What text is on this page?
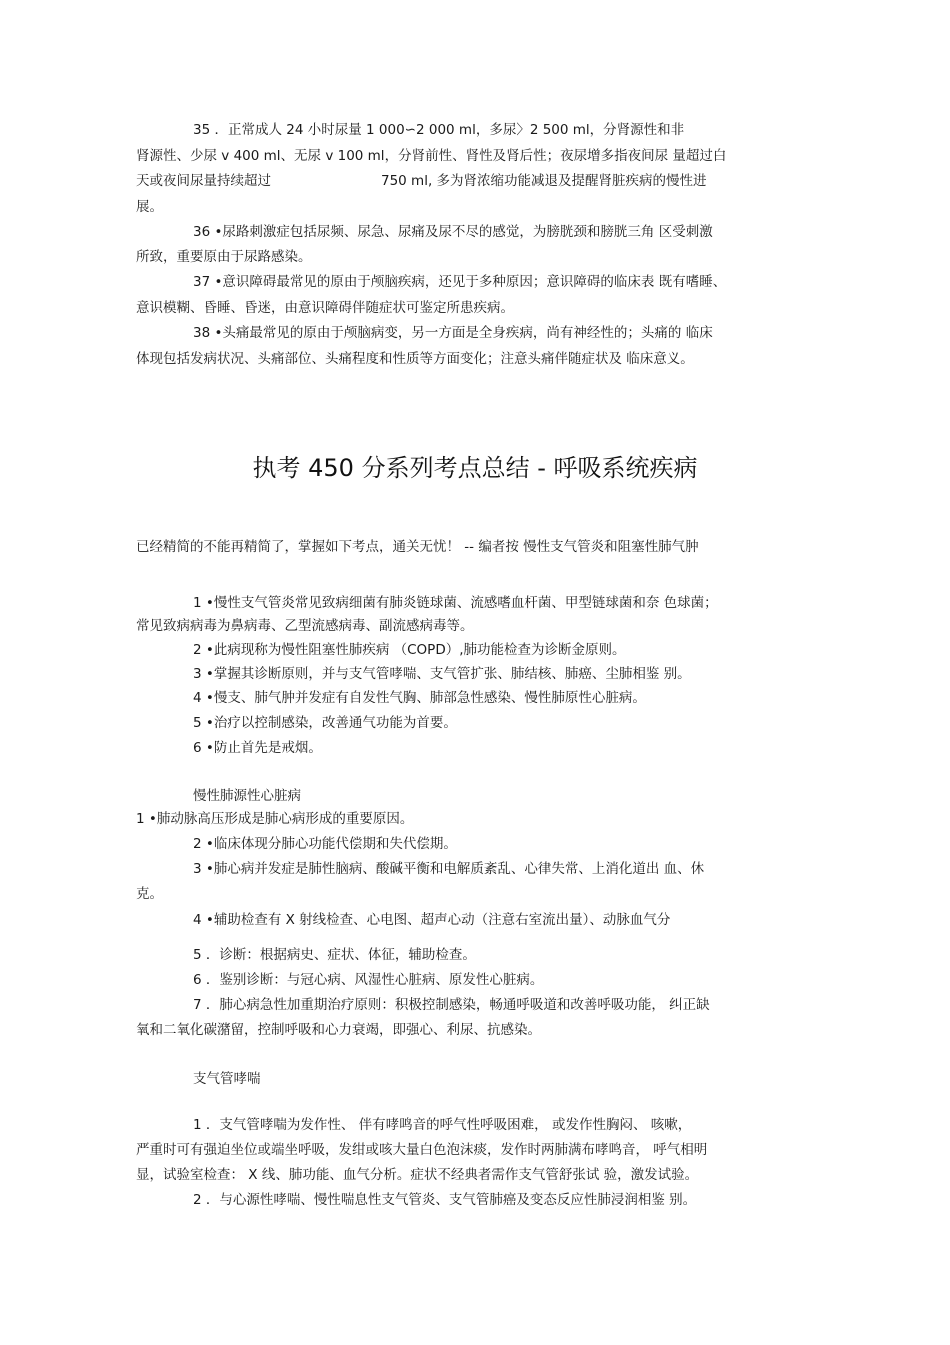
35 ．正常成人 24 小时尿量 1 000∽2 000 ml，多尿〉2 500 ml，分肾源性和非
肾源性、少尿 v 400 ml、无尿 v 100 ml，分肾前性、肾性及肾后性；夜尿增多指夜间尿 量超过白
天或夜间尿量持续超过	750 ml, 多为肾浓缩功能减退及提醒肾脏疾病的慢性进
展。
36 •尿路刺激症包括尿频、尿急、尿痛及尿不尽的感觉，为膀胱颈和膀胱三角 区受刺激
所致，重要原由于尿路感染。
37 •意识障碍最常见的原由于颅脑疾病，还见于多种原因；意识障碍的临床表 既有嗜睡、
意识模糊、昏睡、昏迷，由意识障碍伴随症状可鉴定所患疾病。
38 •头痛最常见的原由于颅脑病变，另一方面是全身疾病，尚有神经性的；头痛的 临床
体现包括发病状况、头痛部位、头痛程度和性质等方面变化；注意头痛伴随症状及 临床意义。
执考 450 分系列考点总结 - 呼吸系统疾病
已经精简的不能再精简了，掌握如下考点，通关无忧！ -- 编者按 慢性支气管炎和阻塞性肺气肿
1 •慢性支气管炎常见致病细菌有肺炎链球菌、流感嗜血杆菌、甲型链球菌和奈 色球菌；
常见致病病毒为鼻病毒、乙型流感病毒、副流感病毒等。
2 •此病现称为慢性阻塞性肺疾病 （COPD）,肺功能检查为诊断金原则。
3 •掌握其诊断原则，并与支气管哮喘、支气管扩张、肺结核、肺癌、尘肺相鉴 别。
4 •慢支、肺气肿并发症有自发性气胸、肺部急性感染、慢性肺原性心脏病。
5 •治疗以控制感染，改善通气功能为首要。
6 •防止首先是戒烟。
慢性肺源性心脏病
1 •肺动脉高压形成是肺心病形成的重要原因。
2 •临床体现分肺心功能代偿期和失代偿期。
3 •肺心病并发症是肺性脑病、酸碱平衡和电解质紊乱、心律失常、上消化道出 血、休
克。
4 •辅助检查有 X 射线检查、心电图、超声心动（注意右室流出量）、动脉血气分
5 ．诊断：根据病史、症状、体征，辅助检查。
6 ．鉴别诊断：与冠心病、风湿性心脏病、原发性心脏病。
7 ．肺心病急性加重期治疗原则：积极控制感染，畅通呼吸道和改善呼吸功能， 纠正缺
氧和二氧化碳潴留，控制呼吸和心力衰竭，即强心、利尿、抗感染。
支气管哮喘
1 ．支气管哮喘为发作性、 伴有哮鸣音的呼气性呼吸困难， 或发作性胸闷、 咳嗽，
严重时可有强迫坐位或端坐呼吸，发绀或咳大量白色泡沫痰，发作时两肺满布哮鸣音， 呼气相明
显，试验室检查： X 线、肺功能、血气分析。症状不经典者需作支气管舒张试 验，激发试验。
2 ．与心源性哮喘、慢性喘息性支气管炎、支气管肺癌及变态反应性肺浸润相鉴 别。
